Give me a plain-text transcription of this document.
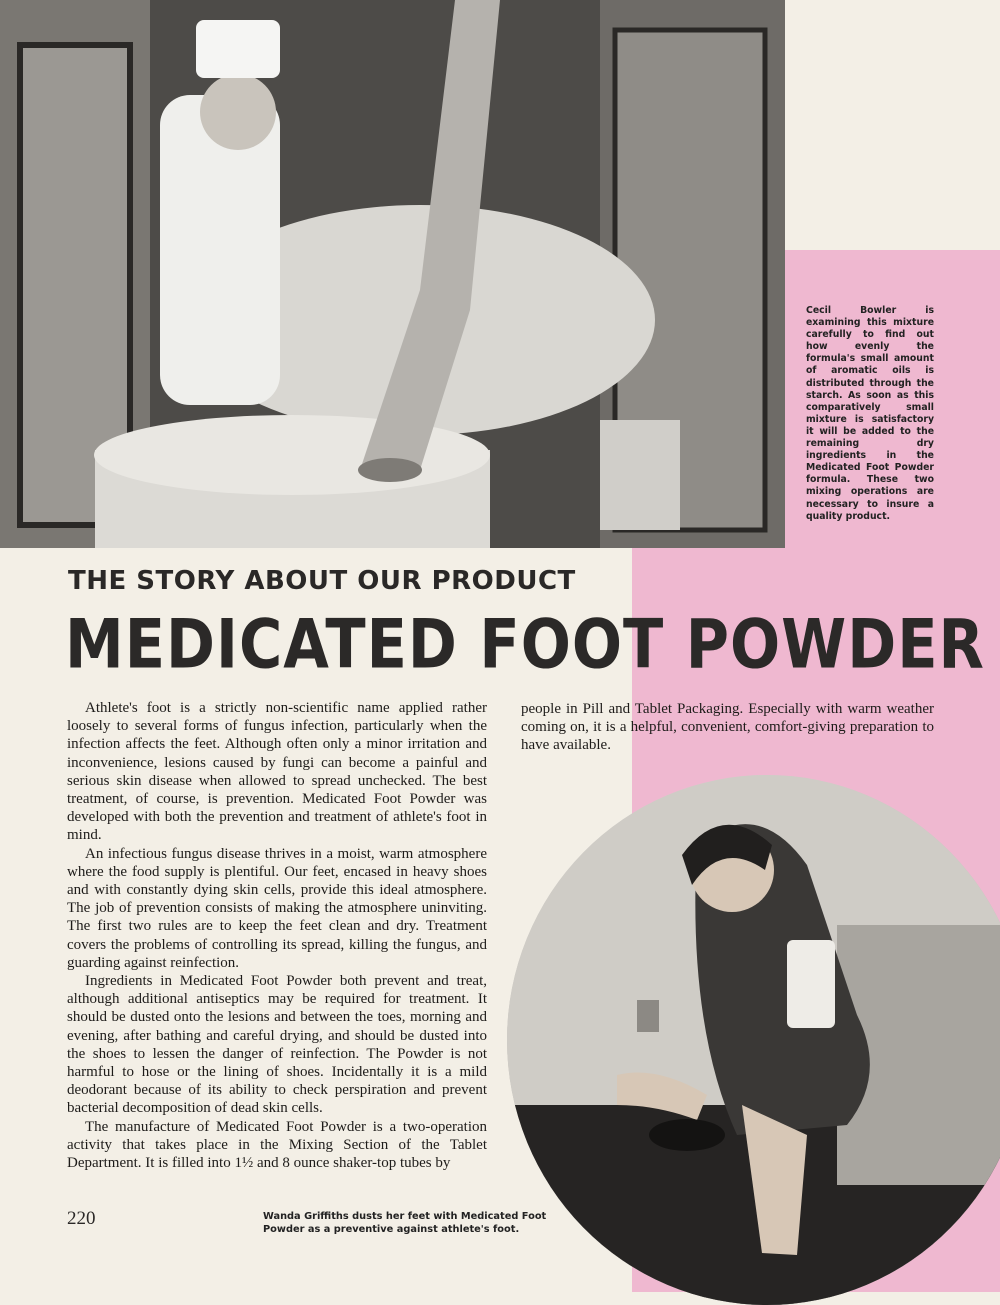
Cecil Bowler is examining this mixture carefully to find out how evenly the formula's small amount of aromatic oils is distributed through the starch. As soon as this comparatively small mixture is satisfactory it will be added to the remaining dry ingredients in the Medicated Foot Powder formula. These two mixing operations are necessary to insure a quality product.
THE STORY ABOUT OUR PRODUCT
MEDICATED FOOT POWDER

Athlete's foot is a strictly non-scientific name applied rather loosely to several forms of fungus infection, particularly when the infection affects the feet. Although often only a minor irritation and inconvenience, lesions caused by fungi can become a painful and serious skin disease when allowed to spread unchecked. The best treatment, of course, is prevention. Medicated Foot Powder was developed with both the prevention and treatment of athlete's foot in mind.

An infectious fungus disease thrives in a moist, warm atmosphere where the food supply is plentiful. Our feet, encased in heavy shoes and with constantly dying skin cells, provide this ideal atmosphere. The job of prevention consists of making the atmosphere uninviting. The first two rules are to keep the feet clean and dry. Treatment covers the problems of controlling its spread, killing the fungus, and guarding against reinfection.

Ingredients in Medicated Foot Powder both prevent and treat, although additional antiseptics may be required for treatment. It should be dusted onto the lesions and between the toes, morning and evening, after bathing and careful drying, and should be dusted into the shoes to lessen the danger of reinfection. The Powder is not harmful to hose or the lining of shoes. Incidentally it is a mild deodorant because of its ability to check perspiration and prevent bacterial decomposition of dead skin cells.

The manufacture of Medicated Foot Powder is a two-operation activity that takes place in the Mixing Section of the Tablet Department. It is filled into 1½ and 8 ounce shaker-top tubes by

people in Pill and Tablet Packaging. Especially with warm weather coming on, it is a helpful, convenient, comfort-giving preparation to have available.

220	Wanda Griffiths dusts her feet with Medicated Foot Powder as a preventive against athlete's foot.
